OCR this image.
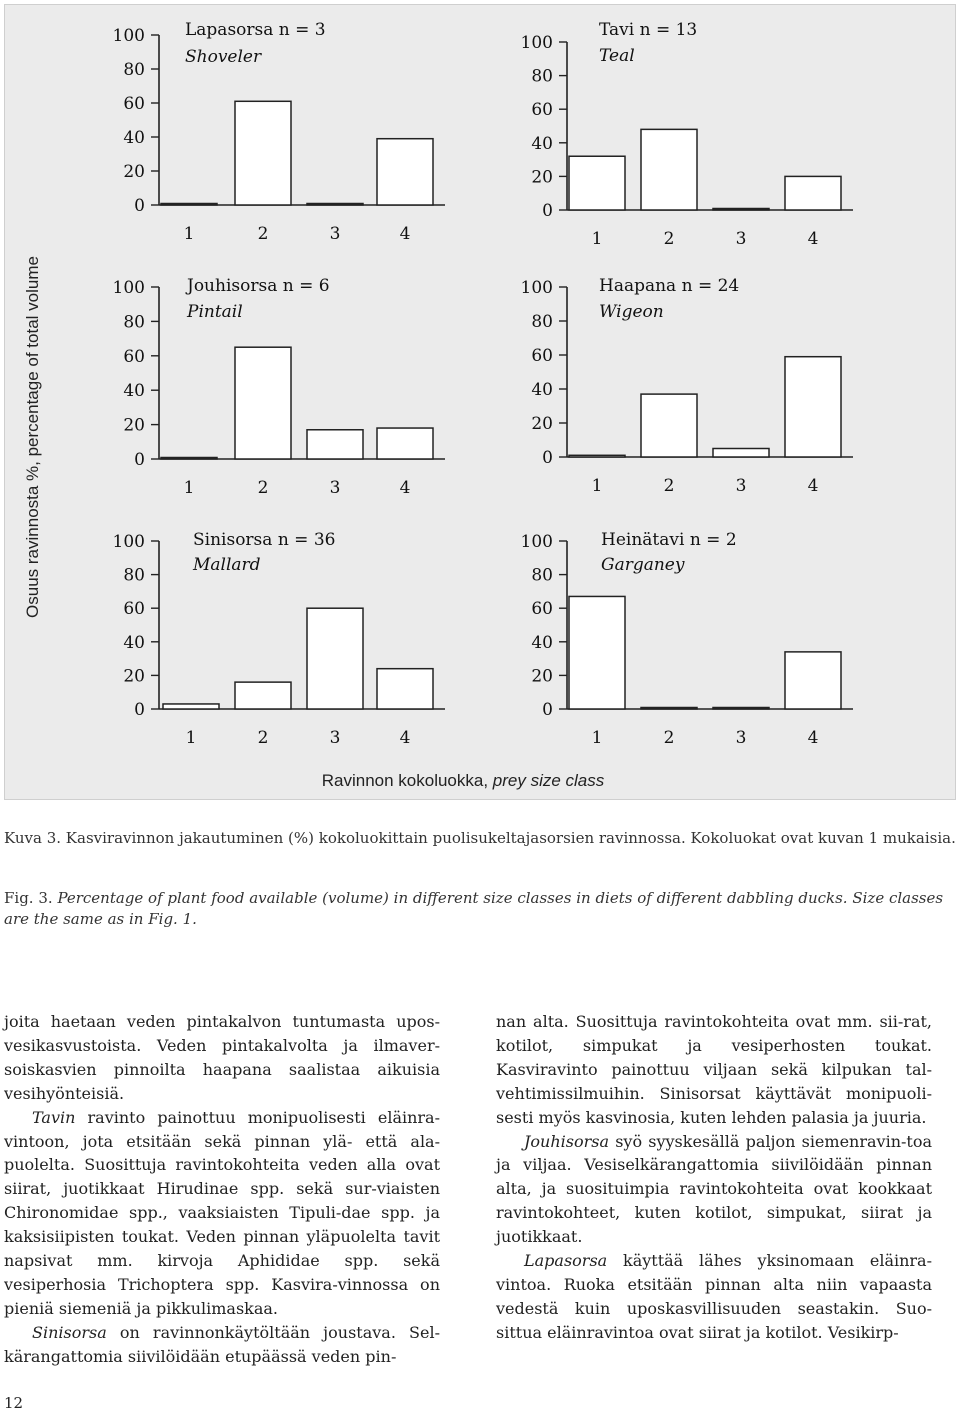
0
20
40
60
80
100
1	2	3	4
Lapasorsa n = 3
Shoveler
0
20
40
60
80
100
1	2	3	4
Tavi n = 13
Teal
0
20
40
60
80
100
1	2	3	4
Jouhisorsa n = 6
Pintail
0
20
40
60
80
100
1	2	3	4
Haapana n = 24
Wigeon
0
20
40
60
80
100
1	2	3	4
Sinisorsa n = 36
Mallard
0
20
40
60
80
100
1	2	3	4
Heinätavi n = 2
Garganey
Osuus ravinnosta %, percentage of total volume
Ravinnon kokoluokka, prey size class
Kuva 3. Kasviravinnon jakautuminen (%) kokoluokittain puolisukeltajasorsien ravinnossa. Kokoluokat ovat kuvan 1 mukaisia.
Fig. 3. Percentage of plant food available (volume) in different size classes in diets of different dabbling ducks. Size classes are the same as in Fig. 1.

joita haetaan veden pintakalvon tuntumasta upos-vesikasvustoista. Veden pintakalvolta ja ilmaver-soiskasvien pinnoilta haapana saalistaa aikuisia vesihyönteisiä.

Tavin ravinto painottuu monipuolisesti eläinra-vintoon, jota etsitään sekä pinnan ylä- että ala-puolelta. Suosittuja ravintokohteita veden alla ovat siirat, juotikkaat Hirudinae spp. sekä sur-viaisten Chironomidae spp., vaaksiaisten Tipuli-dae spp. ja kaksisiipisten toukat. Veden pinnan yläpuolelta tavit napsivat mm. kirvoja Aphididae spp. sekä vesiperhosia Trichoptera spp. Kasvira-vinnossa on pieniä siemeniä ja pikkulimaskaa.

Sinisorsa on ravinnonkäytöltään joustava. Sel-kärangattomia siivilöidään etupäässä veden pin-

nan alta. Suosittuja ravintokohteita ovat mm. sii-rat, kotilot, simpukat ja vesiperhosten toukat. Kasviravinto painottuu viljaan sekä kilpukan tal-vehtimissilmuihin. Sinisorsat käyttävät monipuoli-sesti myös kasvinosia, kuten lehden palasia ja juuria.

Jouhisorsa syö syyskesällä paljon siemenravin-toa ja viljaa. Vesiselkärangattomia siivilöidään pinnan alta, ja suosituimpia ravintokohteita ovat kookkaat ravintokohteet, kuten kotilot, simpukat, siirat ja juotikkaat.

Lapasorsa käyttää lähes yksinomaan eläinra-vintoa. Ruoka etsitään pinnan alta niin vapaasta vedestä kuin uposkasvillisuuden seastakin. Suo-sittua eläinravintoa ovat siirat ja kotilot. Vesikirp-

12
